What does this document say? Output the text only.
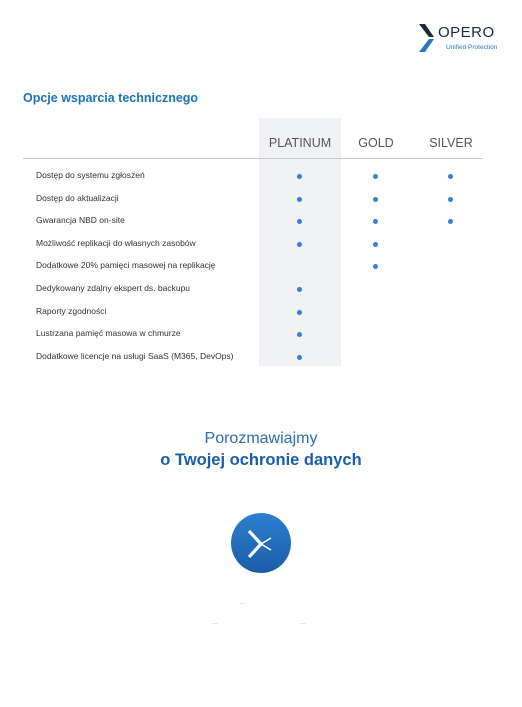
OPERO
Unified Protection
Opcje wsparcia technicznego
PLATINUM	GOLD	SILVER
Dostęp do systemu zgłoszeń
Dostęp do aktualizacji
Gwarancja NBD on-site
Możliwość replikacji do własnych zasobów
Dodatkowe 20% pamięci masowej na replikację
Dedykowany zdalny ekspert ds. backupu
Raporty zgodności
Lustrzana pamięć masowa w chmurze
Dodatkowe licencje na usługi SaaS (M365, DevOps)
Porozmawiajmy
o Twojej ochronie danych
